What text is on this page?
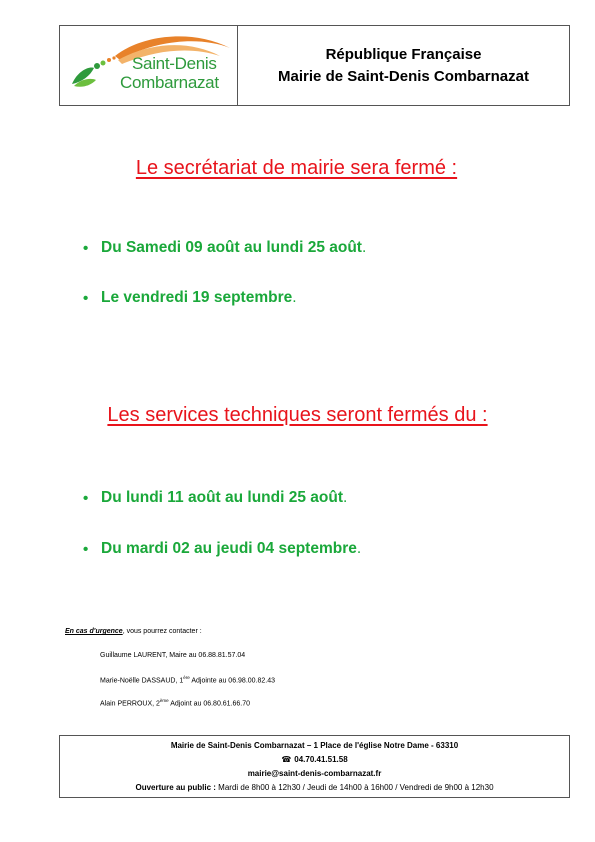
Saint-Denis
Combarnazat
République Française
Mairie de Saint-Denis Combarnazat
Le secrétariat de mairie sera fermé :
• Du Samedi 09 août au lundi 25 août .
• Le vendredi 19 septembre .
Les services techniques seront fermés du :
• Du lundi 11 août au lundi 25 août .
• Du mardi 02 au jeudi 04 septembre .
En cas d'urgence, vous pourrez contacter :
Guillaume LAURENT, Maire au 06.88.81.57.04
Marie-Noëlle DASSAUD, 1ère Adjointe au 06.98.00.82.43
Alain PERROUX, 2ème Adjoint au 06.80.61.66.70
Mairie de Saint-Denis Combarnazat – 1 Place de l'église Notre Dame - 63310
☎ 04.70.41.51.58
mairie@saint-denis-combarnazat.fr
Ouverture au public : Mardi de 8h00 à 12h30 / Jeudi de 14h00 à 16h00 / Vendredi de 9h00 à 12h30
